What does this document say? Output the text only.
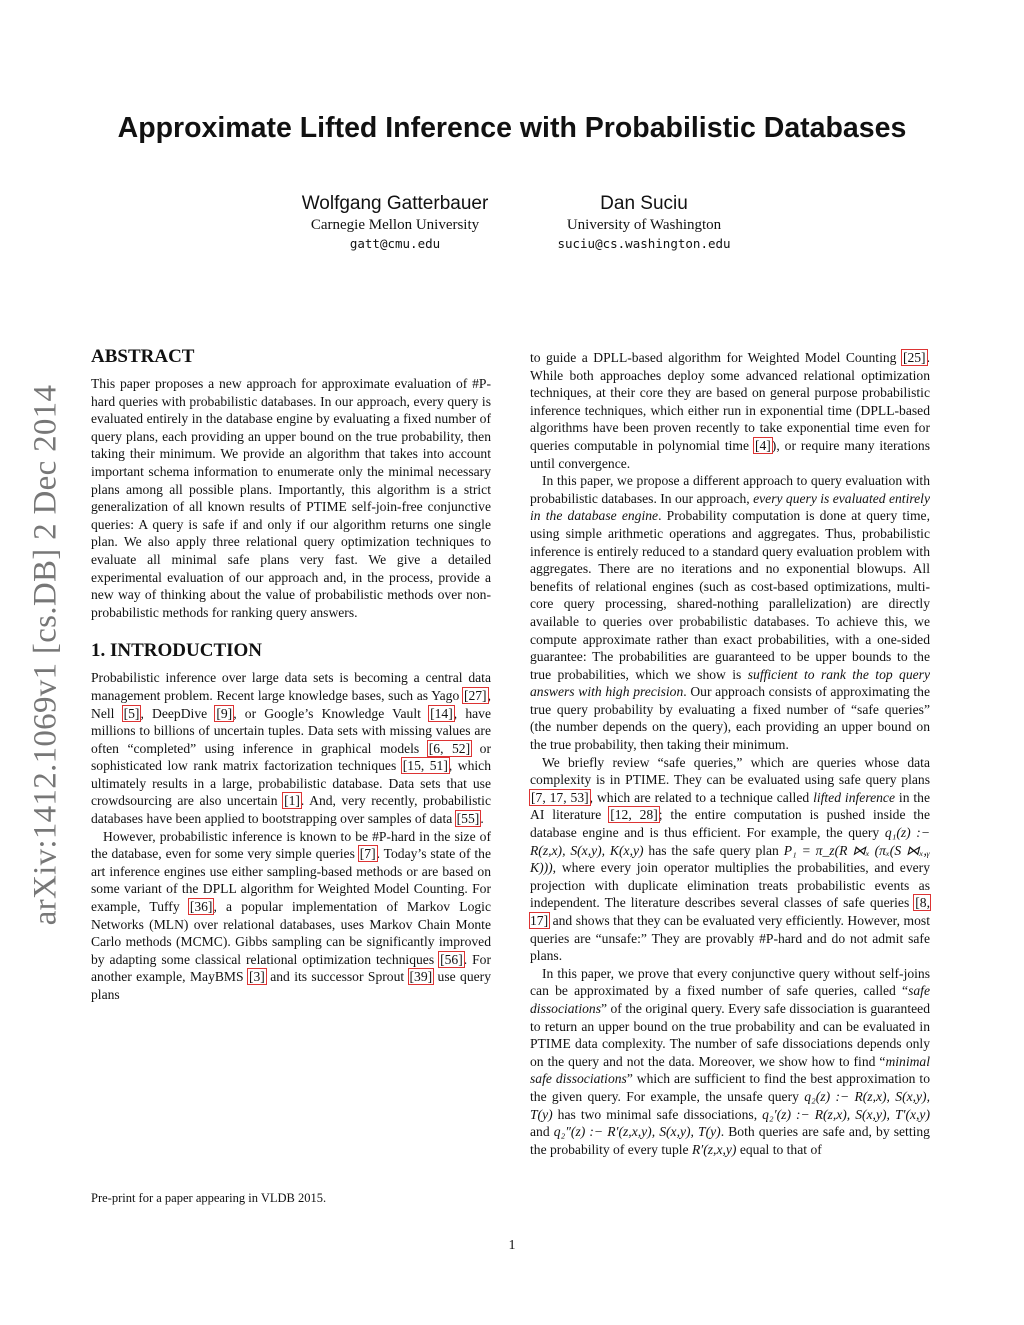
arXiv:1412.1069v1 [cs.DB] 2 Dec 2014
Approximate Lifted Inference with Probabilistic Databases
Wolfgang Gatterbauer
Carnegie Mellon University
gatt@cmu.edu
Dan Suciu
University of Washington
suciu@cs.washington.edu
ABSTRACT

This paper proposes a new approach for approximate evaluation of #P-hard queries with probabilistic databases. In our approach, every query is evaluated entirely in the database engine by evaluating a fixed number of query plans, each providing an upper bound on the true probability, then taking their minimum. We provide an algorithm that takes into account important schema information to enumerate only the minimal necessary plans among all possible plans. Importantly, this algorithm is a strict generalization of all known results of PTIME self-join-free conjunctive queries: A query is safe if and only if our algorithm returns one single plan. We also apply three relational query optimization techniques to evaluate all minimal safe plans very fast. We give a detailed experimental evaluation of our approach and, in the process, provide a new way of thinking about the value of probabilistic methods over non-probabilistic methods for ranking query answers.

1. INTRODUCTION

Probabilistic inference over large data sets is becoming a central data management problem. Recent large knowledge bases, such as Yago [27], Nell [5], DeepDive [9], or Google’s Knowledge Vault [14], have millions to billions of uncertain tuples. Data sets with missing values are often “completed” using inference in graphical models [6, 52] or sophisticated low rank matrix factorization techniques [15, 51], which ultimately results in a large, probabilistic database. Data sets that use crowdsourcing are also uncertain [1]. And, very recently, probabilistic databases have been applied to bootstrapping over samples of data [55].

However, probabilistic inference is known to be #P-hard in the size of the database, even for some very simple queries [7]. Today’s state of the art inference engines use either sampling-based methods or are based on some variant of the DPLL algorithm for Weighted Model Counting. For example, Tuffy [36], a popular implementation of Markov Logic Networks (MLN) over relational databases, uses Markov Chain Monte Carlo methods (MCMC). Gibbs sampling can be significantly improved by adapting some classical relational optimization techniques [56]. For another example, MayBMS [3] and its successor Sprout [39] use query plans

to guide a DPLL-based algorithm for Weighted Model Counting [25]. While both approaches deploy some advanced relational optimization techniques, at their core they are based on general purpose probabilistic inference techniques, which either run in exponential time (DPLL-based algorithms have been proven recently to take exponential time even for queries computable in polynomial time [4]), or require many iterations until convergence.

In this paper, we propose a different approach to query evaluation with probabilistic databases. In our approach, every query is evaluated entirely in the database engine. Probability computation is done at query time, using simple arithmetic operations and aggregates. Thus, probabilistic inference is entirely reduced to a standard query evaluation problem with aggregates. There are no iterations and no exponential blowups. All benefits of relational engines (such as cost-based optimizations, multi-core query processing, shared-nothing parallelization) are directly available to queries over probabilistic databases. To achieve this, we compute approximate rather than exact probabilities, with a one-sided guarantee: The probabilities are guaranteed to be upper bounds to the true probabilities, which we show is sufficient to rank the top query answers with high precision. Our approach consists of approximating the true query probability by evaluating a fixed number of “safe queries” (the number depends on the query), each providing an upper bound on the true probability, then taking their minimum.

We briefly review “safe queries,” which are queries whose data complexity is in PTIME. They can be evaluated using safe query plans [7, 17, 53], which are related to a technique called lifted inference in the AI literature [12, 28]; the entire computation is pushed inside the database engine and is thus efficient. For example, the query q₁(z) :− R(z,x), S(x,y), K(x,y) has the safe query plan P₁ = π_z(R ⋈ₓ (πₓ(S ⋈ₓ,ᵧ K))), where every join operator multiplies the probabilities, and every projection with duplicate elimination treats probabilistic events as independent. The literature describes several classes of safe queries [8, 17] and shows that they can be evaluated very efficiently. However, most queries are “unsafe:” They are provably #P-hard and do not admit safe plans.

In this paper, we prove that every conjunctive query without self-joins can be approximated by a fixed number of safe queries, called “safe dissociations” of the original query. Every safe dissociation is guaranteed to return an upper bound on the true probability and can be evaluated in PTIME data complexity. The number of safe dissociations depends only on the query and not the data. Moreover, we show how to find “minimal safe dissociations” which are sufficient to find the best approximation to the given query. For example, the unsafe query q₂(z) :− R(z,x), S(x,y), T(y) has two minimal safe dissociations, q₂′(z) :− R(z,x), S(x,y), T′(x,y) and q₂″(z) :− R′(z,x,y), S(x,y), T(y). Both queries are safe and, by setting the probability of every tuple R′(z,x,y) equal to that of

Pre-print for a paper appearing in VLDB 2015.
1
